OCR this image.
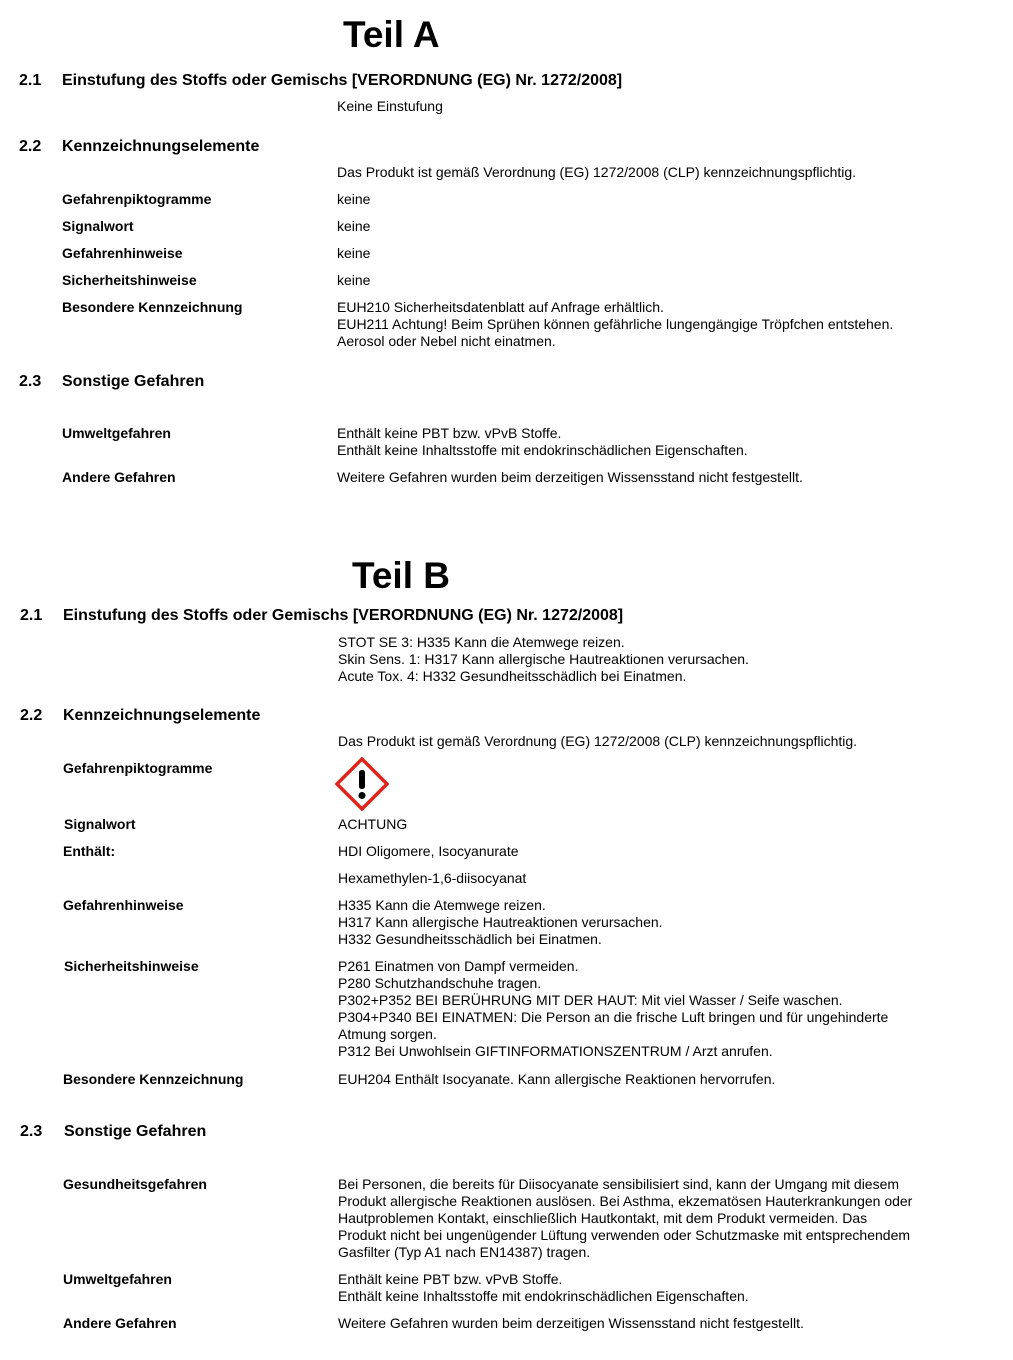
Teil A
2.1 Einstufung des Stoffs oder Gemischs [VERORDNUNG (EG) Nr. 1272/2008]
Keine Einstufung
2.2 Kennzeichnungselemente
Das Produkt ist gemäß Verordnung (EG) 1272/2008 (CLP) kennzeichnungspflichtig.
Gefahrenpiktogramme	keine
Signalwort	keine
Gefahrenhinweise	keine
Sicherheitshinweise	keine
Besondere Kennzeichnung	EUH210 Sicherheitsdatenblatt auf Anfrage erhältlich.
EUH211 Achtung! Beim Sprühen können gefährliche lungengängige Tröpfchen entstehen.
Aerosol oder Nebel nicht einatmen.
2.3 Sonstige Gefahren
Umweltgefahren	Enthält keine PBT bzw. vPvB Stoffe.
Enthält keine Inhaltsstoffe mit endokrinschädlichen Eigenschaften.
Andere Gefahren	Weitere Gefahren wurden beim derzeitigen Wissensstand nicht festgestellt.
Teil B
2.1 Einstufung des Stoffs oder Gemischs [VERORDNUNG (EG) Nr. 1272/2008]
STOT SE 3: H335 Kann die Atemwege reizen.
Skin Sens. 1: H317 Kann allergische Hautreaktionen verursachen.
Acute Tox. 4: H332 Gesundheitsschädlich bei Einatmen.
2.2 Kennzeichnungselemente
Das Produkt ist gemäß Verordnung (EG) 1272/2008 (CLP) kennzeichnungspflichtig.
Gefahrenpiktogramme
Signalwort	ACHTUNG
Enthält:	HDI Oligomere, Isocyanurate
Hexamethylen-1,6-diisocyanat
Gefahrenhinweise	H335 Kann die Atemwege reizen.
H317 Kann allergische Hautreaktionen verursachen.
H332 Gesundheitsschädlich bei Einatmen.
Sicherheitshinweise	P261 Einatmen von Dampf vermeiden.
P280 Schutzhandschuhe tragen.
P302+P352 BEI BERÜHRUNG MIT DER HAUT: Mit viel Wasser / Seife waschen.
P304+P340 BEI EINATMEN: Die Person an die frische Luft bringen und für ungehinderte
Atmung sorgen.
P312 Bei Unwohlsein GIFTINFORMATIONSZENTRUM / Arzt anrufen.
Besondere Kennzeichnung	EUH204 Enthält Isocyanate. Kann allergische Reaktionen hervorrufen.
2.3 Sonstige Gefahren
Gesundheitsgefahren	Bei Personen, die bereits für Diisocyanate sensibilisiert sind, kann der Umgang mit diesem
Produkt allergische Reaktionen auslösen. Bei Asthma, ekzematösen Hauterkrankungen oder
Hautproblemen Kontakt, einschließlich Hautkontakt, mit dem Produkt vermeiden. Das
Produkt nicht bei ungenügender Lüftung verwenden oder Schutzmaske mit entsprechendem
Gasfilter (Typ A1 nach EN14387) tragen.
Umweltgefahren	Enthält keine PBT bzw. vPvB Stoffe.
Enthält keine Inhaltsstoffe mit endokrinschädlichen Eigenschaften.
Andere Gefahren	Weitere Gefahren wurden beim derzeitigen Wissensstand nicht festgestellt.
